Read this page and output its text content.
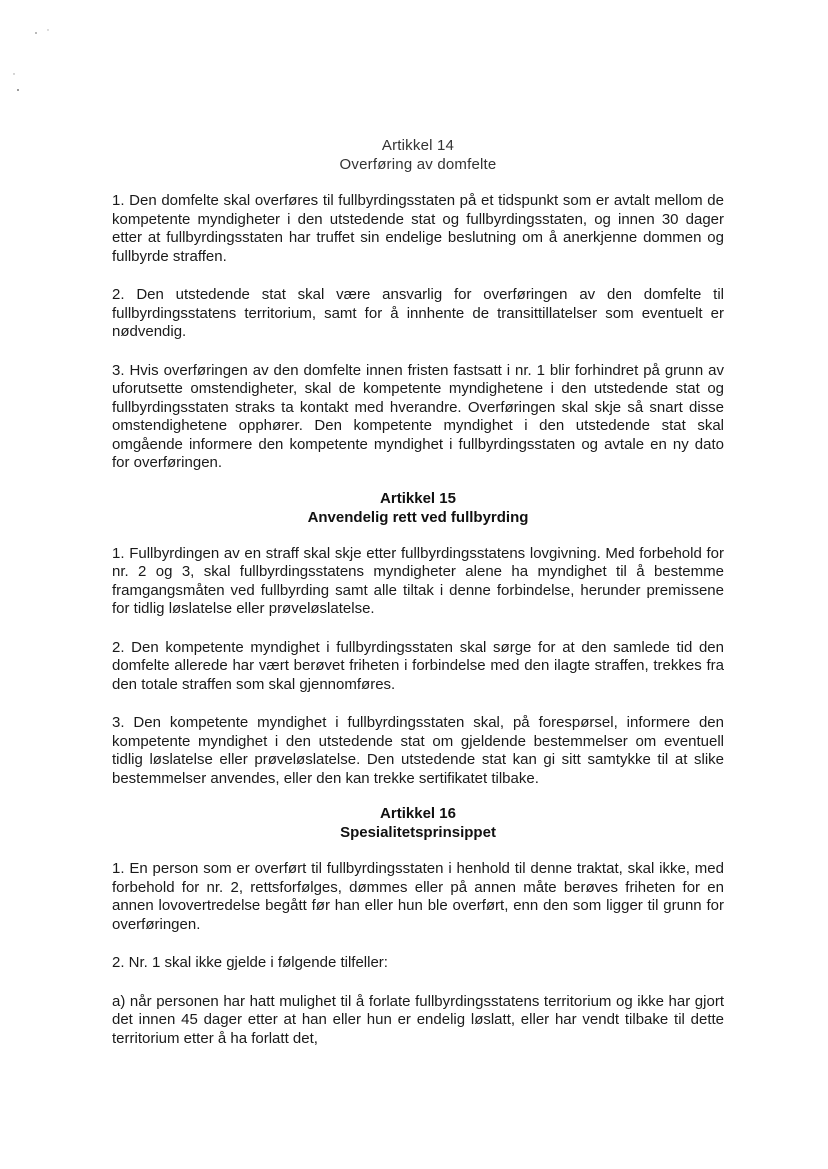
Artikkel 14
Overføring av domfelte

1. Den domfelte skal overføres til fullbyrdingsstaten på et tidspunkt som er avtalt mellom de kompetente myndigheter i den utstedende stat og fullbyrdingsstaten, og innen 30 dager etter at fullbyrdingsstaten har truffet sin endelige beslutning om å anerkjenne dommen og fullbyrde straffen.

2. Den utstedende stat skal være ansvarlig for overføringen av den domfelte til fullbyrdingsstatens territorium, samt for å innhente de transittillatelser som eventuelt er nødvendig.

3. Hvis overføringen av den domfelte innen fristen fastsatt i nr. 1 blir forhindret på grunn av uforutsette omstendigheter, skal de kompetente myndighetene i den utstedende stat og fullbyrdingsstaten straks ta kontakt med hverandre. Overføringen skal skje så snart disse omstendighetene opphører. Den kompetente myndighet i den utstedende stat skal omgående informere den kompetente myndighet i fullbyrdingsstaten og avtale en ny dato for overføringen.

Artikkel 15
Anvendelig rett ved fullbyrding

1. Fullbyrdingen av en straff skal skje etter fullbyrdingsstatens lovgivning. Med forbehold for nr. 2 og 3, skal fullbyrdingsstatens myndigheter alene ha myndighet til å bestemme framgangsmåten ved fullbyrding samt alle tiltak i denne forbindelse, herunder premissene for tidlig løslatelse eller prøveløslatelse.

2. Den kompetente myndighet i fullbyrdingsstaten skal sørge for at den samlede tid den domfelte allerede har vært berøvet friheten i forbindelse med den ilagte straffen, trekkes fra den totale straffen som skal gjennomføres.

3. Den kompetente myndighet i fullbyrdingsstaten skal, på forespørsel, informere den kompetente myndighet i den utstedende stat om gjeldende bestemmelser om eventuell tidlig løslatelse eller prøveløslatelse. Den utstedende stat kan gi sitt samtykke til at slike bestemmelser anvendes, eller den kan trekke sertifikatet tilbake.

Artikkel 16
Spesialitetsprinsippet

1. En person som er overført til fullbyrdingsstaten i henhold til denne traktat, skal ikke, med forbehold for nr. 2, rettsforfølges, dømmes eller på annen måte berøves friheten for en annen lovovertredelse begått før han eller hun ble overført, enn den som ligger til grunn for overføringen.

2. Nr. 1 skal ikke gjelde i følgende tilfeller:

a) når personen har hatt mulighet til å forlate fullbyrdingsstatens territorium og ikke har gjort det innen 45 dager etter at han eller hun er endelig løslatt, eller har vendt tilbake til dette territorium etter å ha forlatt det,
